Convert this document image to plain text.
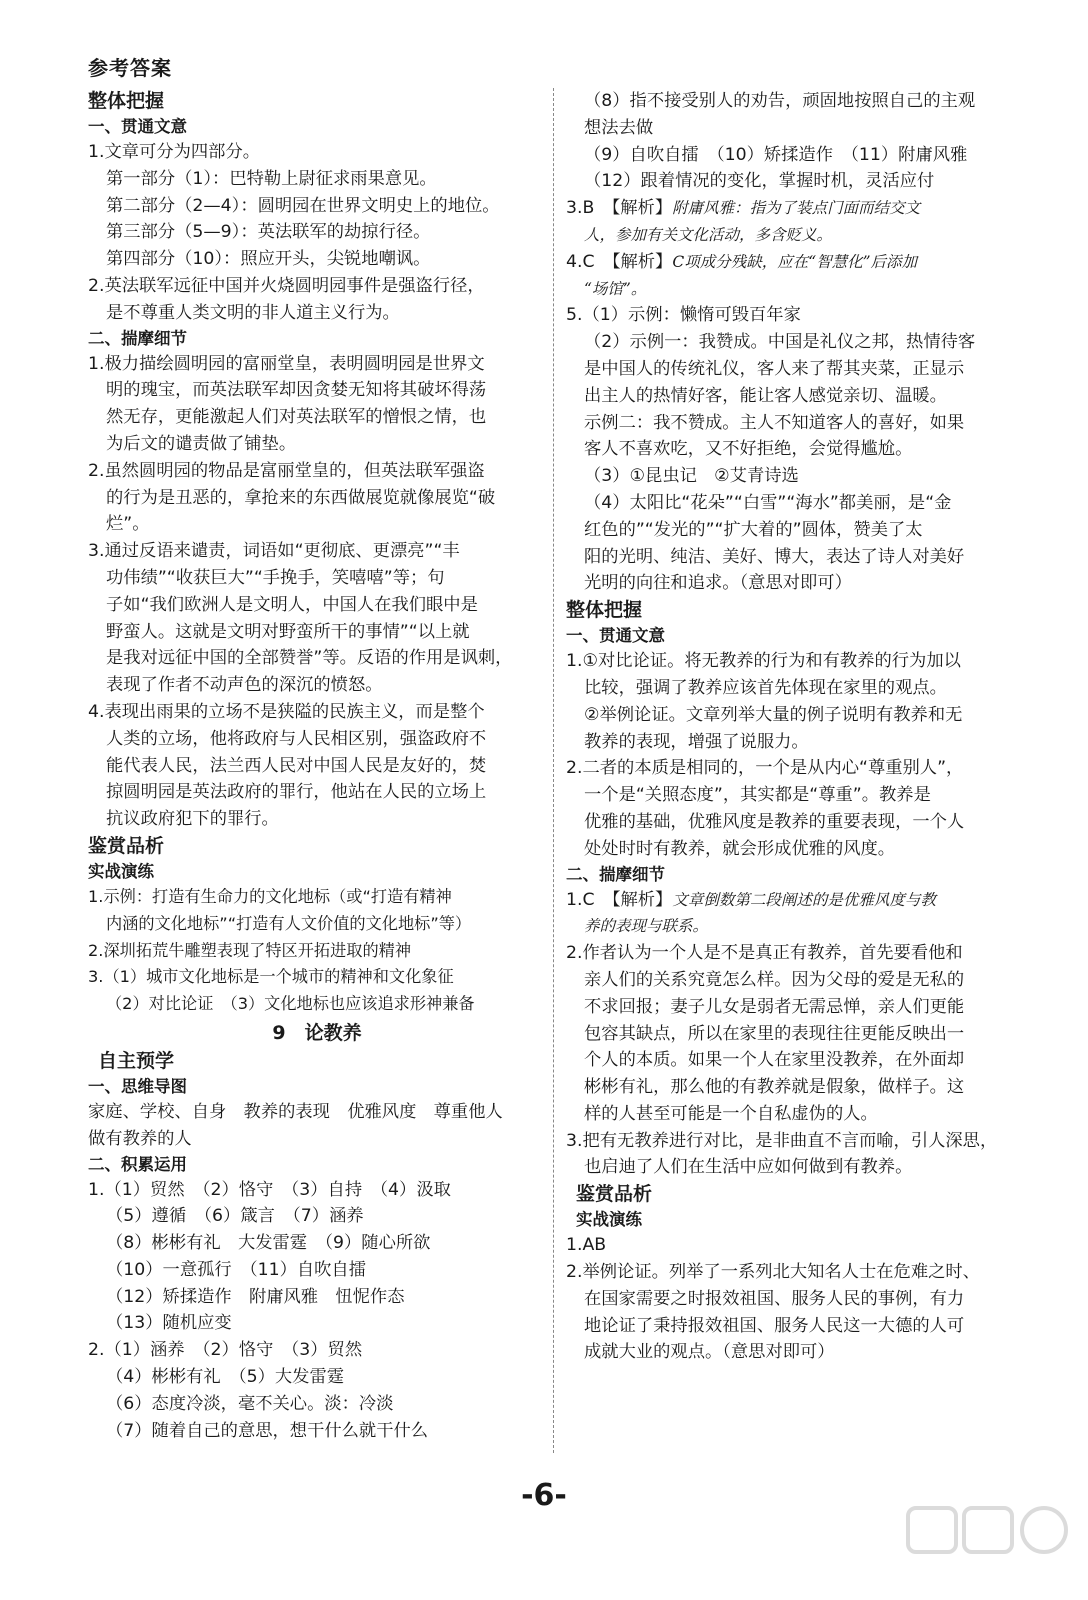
参考答案
整体把握
一、贯通文意
1.文章可分为四部分。
第一部分（1）：巴特勒上尉征求雨果意见。
第二部分（2—4）：圆明园在世界文明史上的地位。
第三部分（5—9）：英法联军的劫掠行径。
第四部分（10）：照应开头，尖锐地嘲讽。
2.英法联军远征中国并火烧圆明园事件是强盗行径，
是不尊重人类文明的非人道主义行为。
二、揣摩细节
1.极力描绘圆明园的富丽堂皇，表明圆明园是世界文
明的瑰宝，而英法联军却因贪婪无知将其破坏得荡
然无存，更能激起人们对英法联军的憎恨之情，也
为后文的谴责做了铺垫。
2.虽然圆明园的物品是富丽堂皇的，但英法联军强盗
的行为是丑恶的，拿抢来的东西做展览就像展览“破
烂”。
3.通过反语来谴责，词语如“更彻底、更漂亮”“丰
功伟绩”“收获巨大”“手挽手，笑嘻嘻”等；句
子如“我们欧洲人是文明人，中国人在我们眼中是
野蛮人。这就是文明对野蛮所干的事情”“以上就
是我对远征中国的全部赞誉”等。反语的作用是讽刺，
表现了作者不动声色的深沉的愤怒。
4.表现出雨果的立场不是狭隘的民族主义，而是整个
人类的立场，他将政府与人民相区别，强盗政府不
能代表人民，法兰西人民对中国人民是友好的，焚
掠圆明园是英法政府的罪行，他站在人民的立场上
抗议政府犯下的罪行。
鉴赏品析
实战演练
1.示例：打造有生命力的文化地标（或“打造有精神
内涵的文化地标”“打造有人文价值的文化地标”等）
2.深圳拓荒牛雕塑表现了特区开拓进取的精神
3.（1）城市文化地标是一个城市的精神和文化象征
（2）对比论证　（3）文化地标也应该追求形神兼备
9　论教养
自主预学
一、思维导图
家庭、学校、自身　教养的表现　优雅风度　尊重他人
做有教养的人
二、积累运用
1.（1）贸然　（2）恪守　（3）自持　（4）汲取
（5）遵循　（6）箴言　（7）涵养
（8）彬彬有礼　大发雷霆　（9）随心所欲
（10）一意孤行　（11）自吹自擂
（12）矫揉造作　附庸风雅　忸怩作态
（13）随机应变
2.（1）涵养　（2）恪守　（3）贸然
（4）彬彬有礼　（5）大发雷霆
（6）态度冷淡，毫不关心。淡：冷淡
（7）随着自己的意思，想干什么就干什么
（8）指不接受别人的劝告，顽固地按照自己的主观
想法去做
（9）自吹自擂　（10）矫揉造作　（11）附庸风雅
（12）跟着情况的变化，掌握时机，灵活应付
3.B　【解析】附庸风雅：指为了装点门面而结交文
人，参加有关文化活动，多含贬义。
4.C　【解析】C项成分残缺，应在“智慧化”后添加
“场馆”。
5.（1）示例：懒惰可毁百年家
（2）示例一：我赞成。中国是礼仪之邦，热情待客
是中国人的传统礼仪，客人来了帮其夹菜，正显示
出主人的热情好客，能让客人感觉亲切、温暖。
示例二：我不赞成。主人不知道客人的喜好，如果
客人不喜欢吃，又不好拒绝，会觉得尴尬。
（3）①昆虫记　②艾青诗选
（4）太阳比“花朵”“白雪”“海水”都美丽，是“金
红色的”“发光的”“扩大着的”圆体，赞美了太
阳的光明、纯洁、美好、博大，表达了诗人对美好
光明的向往和追求。（意思对即可）
整体把握
一、贯通文意
1.①对比论证。将无教养的行为和有教养的行为加以
比较，强调了教养应该首先体现在家里的观点。
②举例论证。文章列举大量的例子说明有教养和无
教养的表现，增强了说服力。
2.二者的本质是相同的，一个是从内心“尊重别人”，
一个是“关照态度”，其实都是“尊重”。教养是
优雅的基础，优雅风度是教养的重要表现，一个人
处处时时有教养，就会形成优雅的风度。
二、揣摩细节
1.C　【解析】文章倒数第二段阐述的是优雅风度与教
养的表现与联系。
2.作者认为一个人是不是真正有教养，首先要看他和
亲人们的关系究竟怎么样。因为父母的爱是无私的
不求回报；妻子儿女是弱者无需忌惮，亲人们更能
包容其缺点，所以在家里的表现往往更能反映出一
个人的本质。如果一个人在家里没教养，在外面却
彬彬有礼，那么他的有教养就是假象，做样子。这
样的人甚至可能是一个自私虚伪的人。
3.把有无教养进行对比，是非曲直不言而喻，引人深思，
也启迪了人们在生活中应如何做到有教养。
鉴赏品析
实战演练
1.AB
2.举例论证。列举了一系列北大知名人士在危难之时、
在国家需要之时报效祖国、服务人民的事例，有力
地论证了秉持报效祖国、服务人民这一大德的人可
成就大业的观点。（意思对即可）
-6-
